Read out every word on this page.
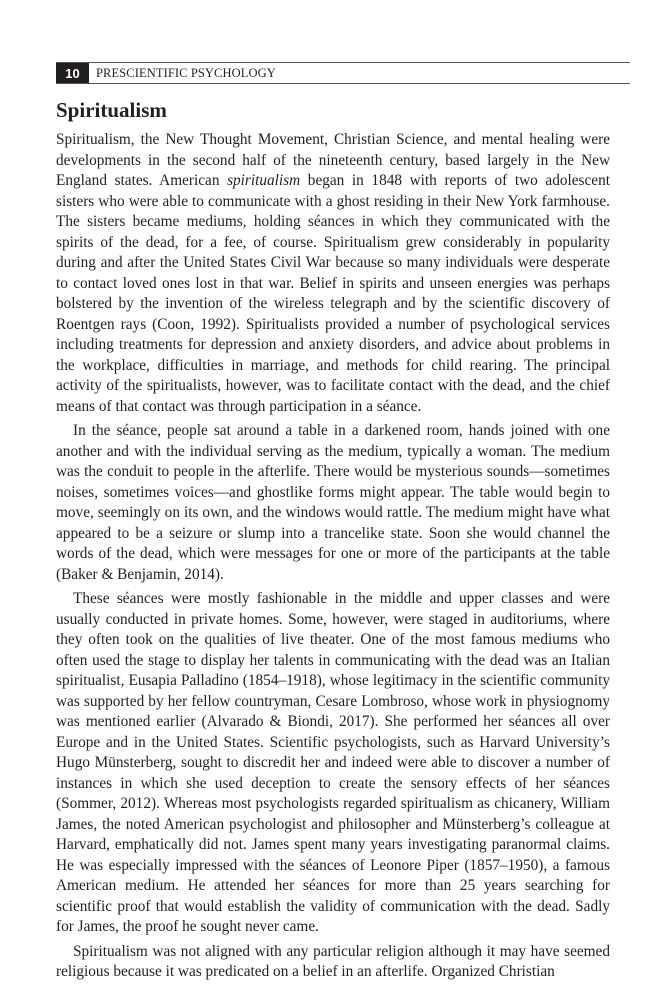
10	PRESCIENTIFIC PSYCHOLOGY
Spiritualism

Spiritualism, the New Thought Movement, Christian Science, and mental healing were developments in the second half of the nineteenth century, based largely in the New England states. American spiritualism began in 1848 with reports of two adolescent sisters who were able to communicate with a ghost residing in their New York farmhouse. The sisters became mediums, holding séances in which they communicated with the spirits of the dead, for a fee, of course. Spiritualism grew considerably in popularity during and after the United States Civil War because so many individuals were desperate to contact loved ones lost in that war. Belief in spirits and unseen energies was perhaps bolstered by the invention of the wireless telegraph and by the scientific discovery of Roentgen rays (Coon, 1992). Spiritualists provided a number of psychological services including treatments for depression and anxiety disorders, and advice about problems in the workplace, difficulties in marriage, and methods for child rearing. The principal activity of the spiritualists, however, was to facilitate contact with the dead, and the chief means of that contact was through participation in a séance.

In the séance, people sat around a table in a darkened room, hands joined with one another and with the individual serving as the medium, typically a woman. The medium was the conduit to people in the afterlife. There would be mysterious sounds—sometimes noises, sometimes voices—and ghostlike forms might appear. The table would begin to move, seemingly on its own, and the windows would rattle. The medium might have what appeared to be a seizure or slump into a trancelike state. Soon she would channel the words of the dead, which were messages for one or more of the participants at the table (Baker & Benjamin, 2014).

These séances were mostly fashionable in the middle and upper classes and were usually conducted in private homes. Some, however, were staged in auditoriums, where they often took on the qualities of live theater. One of the most famous mediums who often used the stage to display her talents in communicating with the dead was an Italian spiritualist, Eusapia Palladino (1854–1918), whose legitimacy in the scientific community was supported by her fellow countryman, Cesare Lombroso, whose work in physiognomy was mentioned earlier (Alvarado & Biondi, 2017). She performed her séances all over Europe and in the United States. Scientific psychologists, such as Harvard University’s Hugo Münsterberg, sought to discredit her and indeed were able to discover a number of instances in which she used deception to create the sensory effects of her séances (Sommer, 2012). Whereas most psychologists regarded spiritualism as chicanery, William James, the noted American psychologist and philosopher and Münsterberg’s colleague at Harvard, emphatically did not. James spent many years investigating paranormal claims. He was especially impressed with the séances of Leonore Piper (1857–1950), a famous American medium. He attended her séances for more than 25 years searching for scientific proof that would establish the validity of communication with the dead. Sadly for James, the proof he sought never came.

Spiritualism was not aligned with any particular religion although it may have seemed religious because it was predicated on a belief in an afterlife. Organized Christian
